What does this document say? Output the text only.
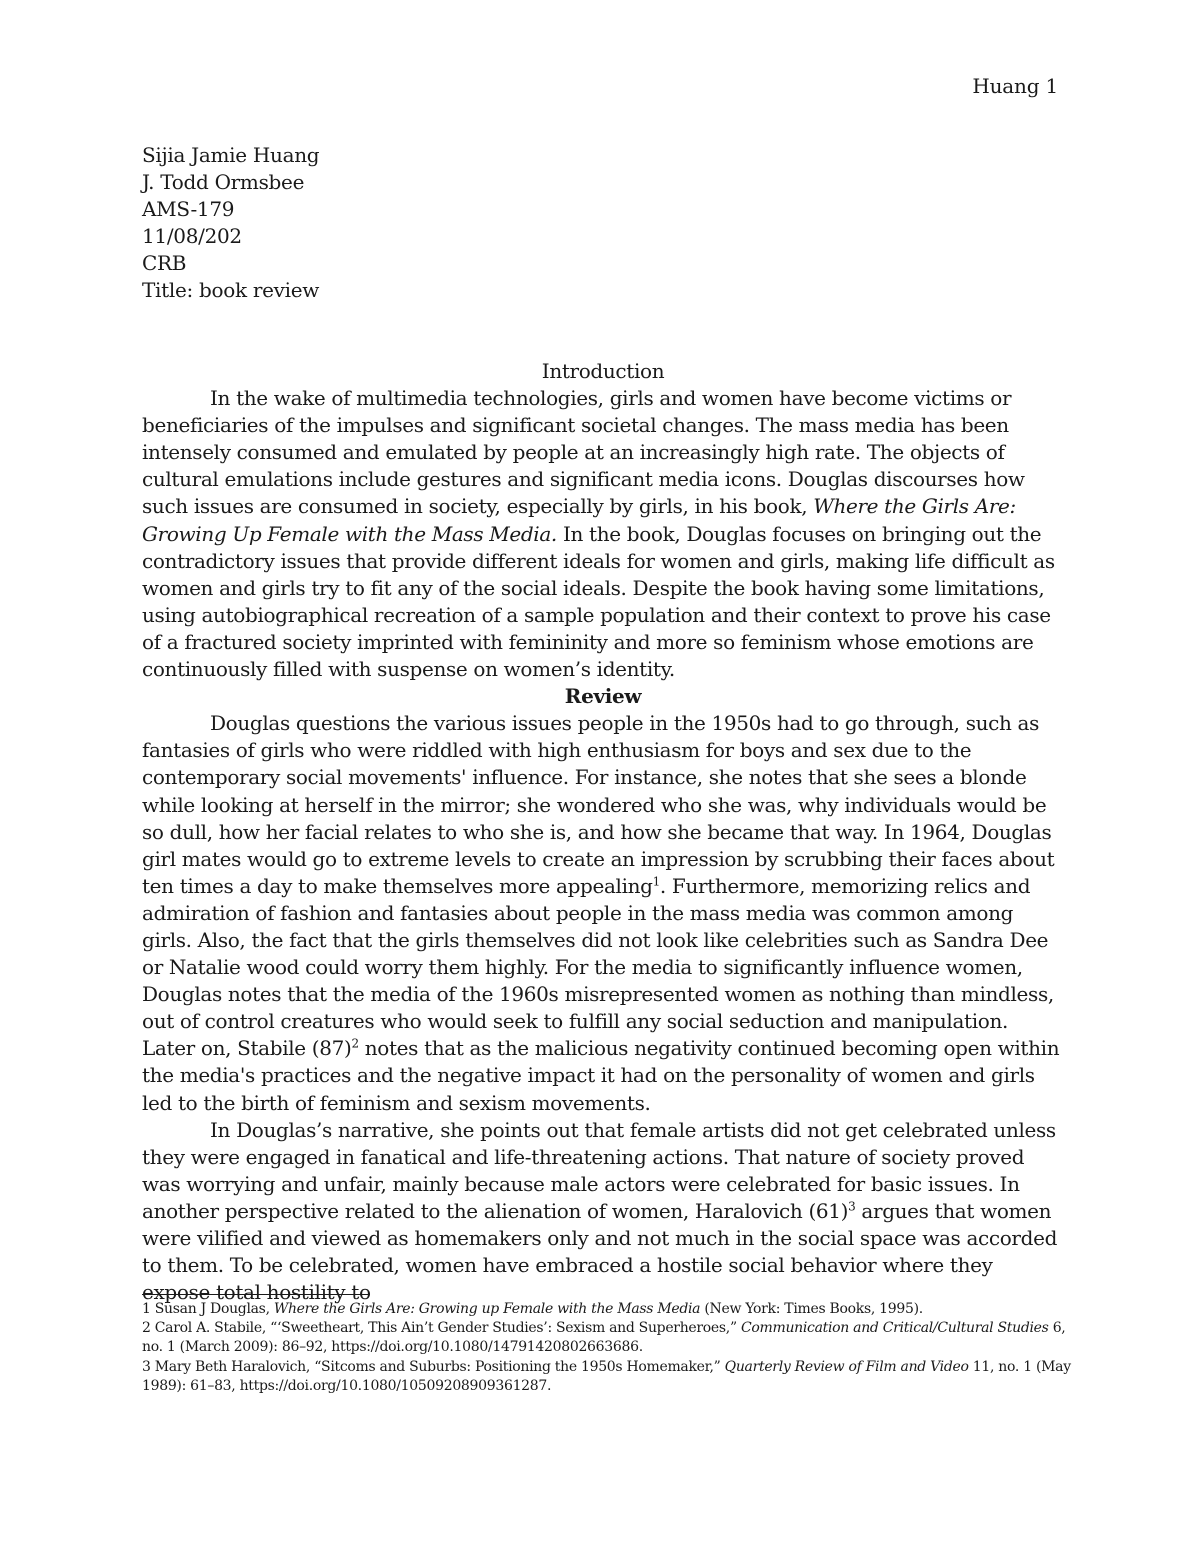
Huang 1
Sijia Jamie Huang
J. Todd Ormsbee
AMS-179
11/08/202
CRB
Title: book review
Introduction

In the wake of multimedia technologies, girls and women have become victims or beneficiaries of the impulses and significant societal changes. The mass media has been intensely consumed and emulated by people at an increasingly high rate. The objects of cultural emulations include gestures and significant media icons. Douglas discourses how such issues are consumed in society, especially by girls, in his book, Where the Girls Are: Growing Up Female with the Mass Media. In the book, Douglas focuses on bringing out the contradictory issues that provide different ideals for women and girls, making life difficult as women and girls try to fit any of the social ideals. Despite the book having some limitations, using autobiographical recreation of a sample population and their context to prove his case of a fractured society imprinted with femininity and more so feminism whose emotions are continuously filled with suspense on women’s identity.

Review

Douglas questions the various issues people in the 1950s had to go through, such as fantasies of girls who were riddled with high enthusiasm for boys and sex due to the contemporary social movements' influence. For instance, she notes that she sees a blonde while looking at herself in the mirror; she wondered who she was, why individuals would be so dull, how her facial relates to who she is, and how she became that way. In 1964, Douglas girl mates would go to extreme levels to create an impression by scrubbing their faces about ten times a day to make themselves more appealing$^1$. Furthermore, memorizing relics and admiration of fashion and fantasies about people in the mass media was common among girls. Also, the fact that the girls themselves did not look like celebrities such as Sandra Dee or Natalie wood could worry them highly. For the media to significantly influence women, Douglas notes that the media of the 1960s misrepresented women as nothing than mindless, out of control creatures who would seek to fulfill any social seduction and manipulation. Later on, Stabile $(87)^2$ notes that as the malicious negativity continued becoming open within the media's practices and the negative impact it had on the personality of women and girls led to the birth of feminism and sexism movements.

In Douglas’s narrative, she points out that female artists did not get celebrated unless they were engaged in fanatical and life-threatening actions. That nature of society proved was worrying and unfair, mainly because male actors were celebrated for basic issues. In another perspective related to the alienation of women, Haralovich $(61)^3$ argues that women were vilified and viewed as homemakers only and not much in the social space was accorded to them. To be celebrated, women have embraced a hostile social behavior where they expose total hostility to

1 Susan J Douglas, Where the Girls Are: Growing up Female with the Mass Media (New York: Times Books, 1995).
2 Carol A. Stabile, “‘Sweetheart, This Ain’t Gender Studies’: Sexism and Superheroes,” Communication and Critical/Cultural Studies 6, no. 1 (March 2009): 86–92, https://doi.org/10.1080/14791420802663686.
3 Mary Beth Haralovich, “Sitcoms and Suburbs: Positioning the 1950s Homemaker,” Quarterly Review of Film and Video 11, no. 1 (May 1989): 61–83, https://doi.org/10.1080/10509208909361287.
